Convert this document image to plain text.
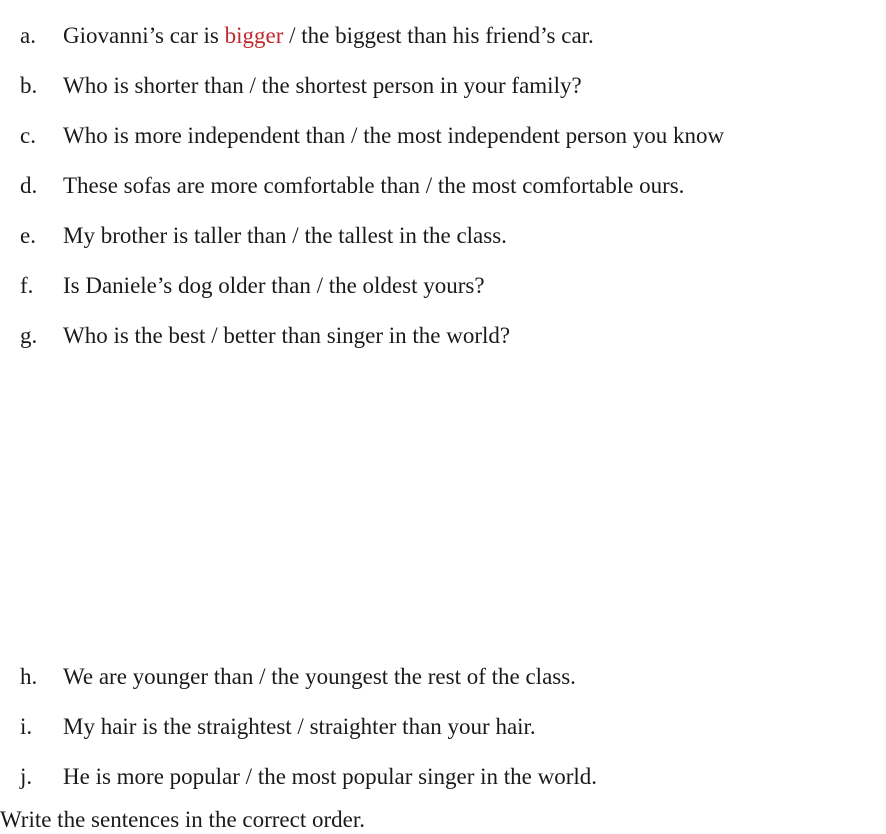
a. Giovanni’s car is bigger / the biggest than his friend’s car.
b. Who is shorter than / the shortest person in your family?
c. Who is more independent than / the most independent person you know
d. These sofas are more comfortable than / the most comfortable ours.
e. My brother is taller than / the tallest in the class.
f. Is Daniele’s dog older than / the oldest yours?
g. Who is the best / better than singer in the world?
h. We are younger than / the youngest the rest of the class.
i. My hair is the straightest / straighter than your hair.
j. He is more popular / the most popular singer in the world.
Write the sentences in the correct order.
